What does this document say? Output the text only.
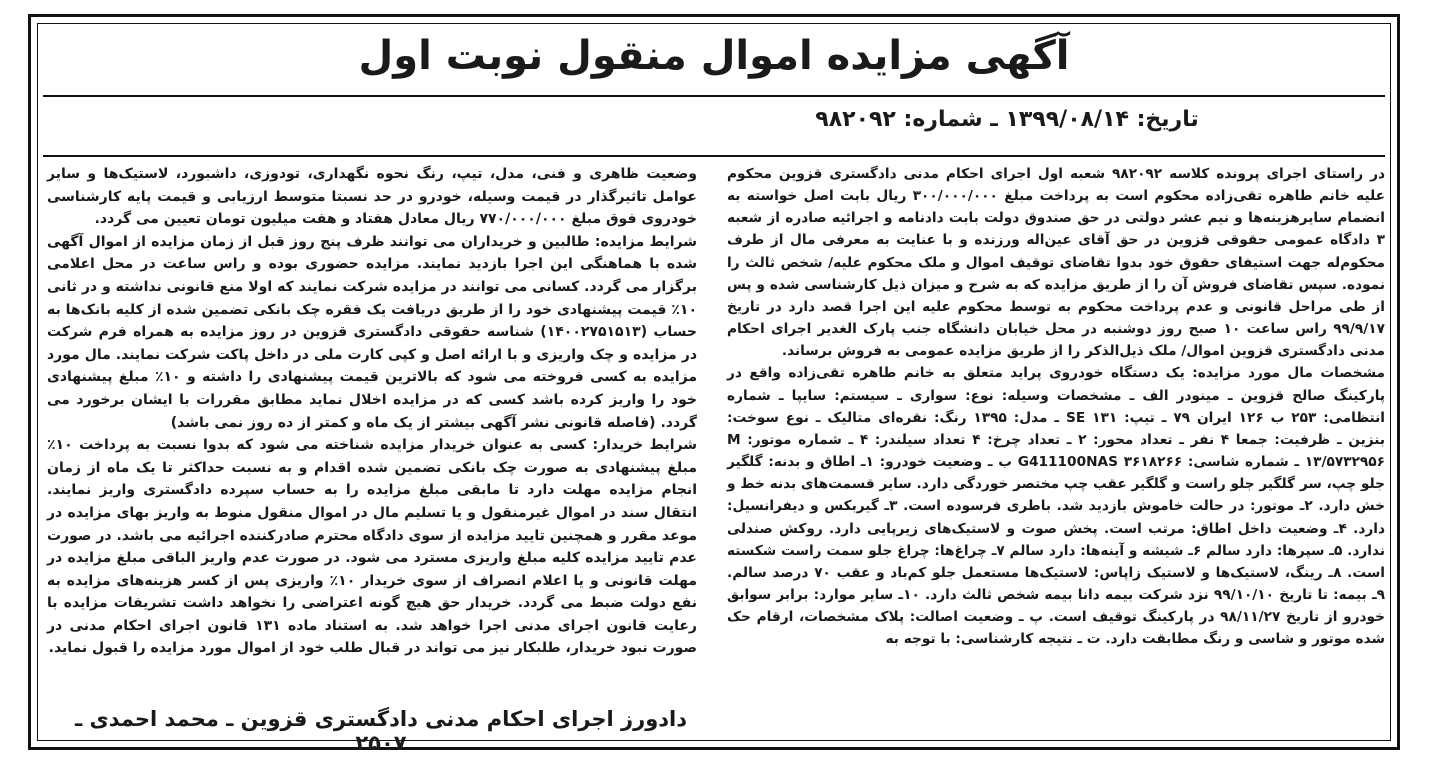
آگهی مزایده اموال منقول نوبت اول
تاریخ: ۱۳۹۹/۰۸/۱۴ ـ شماره: ۹۸۲۰۹۲

در راستای اجرای پرونده کلاسه ۹۸۲۰۹۲ شعبه اول اجرای احکام مدنی دادگستری قزوین محکوم علیه خانم طاهره تقی‌زاده محکوم است به پرداخت مبلغ ۳۰۰/۰۰۰/۰۰۰ ریال بابت اصل خواسته به انضمام سایرهزینه‌ها و نیم عشر دولتی در حق صندوق دولت بابت دادنامه و اجرائیه صادره از شعبه ۳ دادگاه عمومی حقوقی قزوین در حق آقای عین‌اله ورزنده و با عنایت به معرفی مال از طرف محکوم‌له جهت استیفای حقوق خود بدوا تقاضای توقیف اموال و ملک محکوم علیه/ شخص ثالث را نموده. سپس تقاضای فروش آن را از طریق مزایده که به شرح و میزان ذیل کارشناسی شده و پس از طی مراحل قانونی و عدم پرداخت محکوم به توسط محکوم علیه این اجرا قصد دارد در تاریخ ۹۹/۹/۱۷ راس ساعت ۱۰ صبح روز دوشنبه در محل خیابان دانشگاه جنب پارک الغدیر اجرای احکام مدنی دادگستری قزوین اموال/ ملک ذیل‌الذکر را از طریق مزایده عمومی به فروش برساند.

مشخصات مال مورد مزایده: یک دستگاه خودروی پراید متعلق به خانم طاهره تقی‌زاده واقع در پارکینگ صالح قزوین ـ مینودر الف ـ مشخصات وسیله: نوع: سواری ـ سیستم: سایپا ـ شماره انتظامی: ۲۵۳ ب ۱۲۶ ایران ۷۹ ـ تیپ: SE ۱۳۱ ـ مدل: ۱۳۹۵ رنگ: نقره‌ای متالیک ـ نوع سوخت: بنزین ـ ظرفیت: جمعا ۴ نفر ـ تعداد محور: ۲ ـ تعداد چرخ: ۴ تعداد سیلندر: ۴ ـ شماره موتور: M ۱۳/۵۷۳۲۹۵۶ ـ شماره شاسی: G411100NAS ۳۶۱۸۲۶۶ ب ـ وضعیت خودرو: ۱ـ اطاق و بدنه: گلگیر جلو چپ، سر گلگیر جلو راست و گلگیر عقب چپ مختصر خوردگی دارد. سایر قسمت‌های بدنه خط و خش دارد. ۲ـ موتور: در حالت خاموش بازدید شد. باطری فرسوده است. ۳ـ گیربکس و دیفرانسیل: دارد. ۴ـ وضعیت داخل اطاق: مرتب است. پخش صوت و لاستیک‌های زیرپایی دارد. روکش صندلی ندارد. ۵ـ سپرها: دارد سالم ۶ـ شیشه و آینه‌ها: دارد سالم ۷ـ چراغ‌ها: چراغ جلو سمت راست شکسته است. ۸ـ رینگ، لاستیک‌ها و لاستیک زاپاس: لاستیک‌ها مستعمل جلو کم‌باد و عقب ۷۰ درصد سالم. ۹ـ بیمه: تا تاریخ ۹۹/۱۰/۱۰ نزد شرکت بیمه دانا بیمه شخص ثالث دارد. ۱۰ـ سایر موارد: برابر سوابق خودرو از تاریخ ۹۸/۱۱/۲۷ در پارکینگ توقیف است. پ ـ وضعیت اصالت: پلاک مشخصات، ارقام حک شده موتور و شاسی و رنگ مطابقت دارد. ت ـ نتیجه کارشناسی: با توجه به

وضعیت ظاهری و فنی، مدل، تیپ، رنگ نحوه نگهداری، تودوزی، داشبورد، لاستیک‌ها و سایر عوامل تاثیرگذار در قیمت وسیله، خودرو در حد نسبتا متوسط ارزیابی و قیمت پایه کارشناسی خودروی فوق مبلغ ۷۷۰/۰۰۰/۰۰۰ ریال معادل هفتاد و هفت میلیون تومان تعیین می گردد.

شرایط مزایده: طالبین و خریداران می توانند ظرف پنج روز قبل از زمان مزایده از اموال آگهی شده با هماهنگی این اجرا بازدید نمایند. مزایده حضوری بوده و راس ساعت در محل اعلامی برگزار می گردد. کسانی می توانند در مزایده شرکت نمایند که اولا منع قانونی نداشته و در ثانی ۱۰٪ قیمت پیشنهادی خود را از طریق دریافت یک فقره چک بانکی تضمین شده از کلیه بانک‌ها به حساب (۱۴۰۰۲۷۵۱۵۱۳) شناسه حقوقی دادگستری قزوین در روز مزایده به همراه فرم شرکت در مزایده و چک واریزی و با ارائه اصل و کپی کارت ملی در داخل پاکت شرکت نمایند. مال مورد مزایده به کسی فروخته می شود که بالاترین قیمت پیشنهادی را داشته و ۱۰٪ مبلغ پیشنهادی خود را واریز کرده باشد کسی که در مزایده اخلال نماید مطابق مقررات با ایشان برخورد می گردد. (فاصله قانونی نشر آگهی بیشتر از یک ماه و کمتر از ده روز نمی باشد)

شرایط خریدار: کسی به عنوان خریدار مزایده شناخته می شود که بدوا نسبت به پرداخت ۱۰٪ مبلغ پیشنهادی به صورت چک بانکی تضمین شده اقدام و به نسبت حداکثر تا یک ماه از زمان انجام مزایده مهلت دارد تا مابقی مبلغ مزایده را به حساب سپرده دادگستری واریز نمایند. انتقال سند در اموال غیرمنقول و یا تسلیم مال در اموال منقول منوط به واریز بهای مزایده در موعد مقرر و همچنین تایید مزایده از سوی دادگاه محترم صادرکننده اجرائیه می باشد. در صورت عدم تایید مزایده کلیه مبلغ واریزی مسترد می شود. در صورت عدم واریز الباقی مبلغ مزایده در مهلت قانونی و یا اعلام انصراف از سوی خریدار ۱۰٪ واریزی پس از کسر هزینه‌های مزایده به نفع دولت ضبط می گردد. خریدار حق هیچ گونه اعتراضی را نخواهد داشت تشریفات مزایده با رعایت قانون اجرای مدنی اجرا خواهد شد. به استناد ماده ۱۳۱ قانون اجرای احکام مدنی در صورت نبود خریدار، طلبکار نیز می تواند در قبال طلب خود از اموال مورد مزایده را قبول نماید.

دادورز اجرای احکام مدنی دادگستری قزوین ـ محمد احمدی ـ ۲۵۰۷
